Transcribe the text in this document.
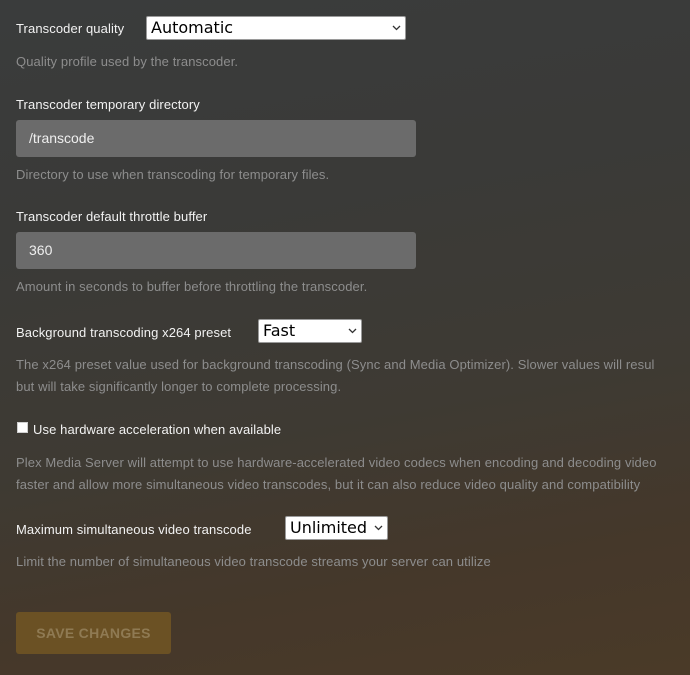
Transcoder quality Automatic
Quality profile used by the transcoder.
Transcoder temporary directory
/transcode
Directory to use when transcoding for temporary files.
Transcoder default throttle buffer
360
Amount in seconds to buffer before throttling the transcoder.
Background transcoding x264 preset Fast
The x264 preset value used for background transcoding (Sync and Media Optimizer). Slower values will resul
but will take significantly longer to complete processing.
Use hardware acceleration when available
Plex Media Server will attempt to use hardware-accelerated video codecs when encoding and decoding video
faster and allow more simultaneous video transcodes, but it can also reduce video quality and compatibility
Maximum simultaneous video transcode Unlimited
Limit the number of simultaneous video transcode streams your server can utilize
SAVE CHANGES
